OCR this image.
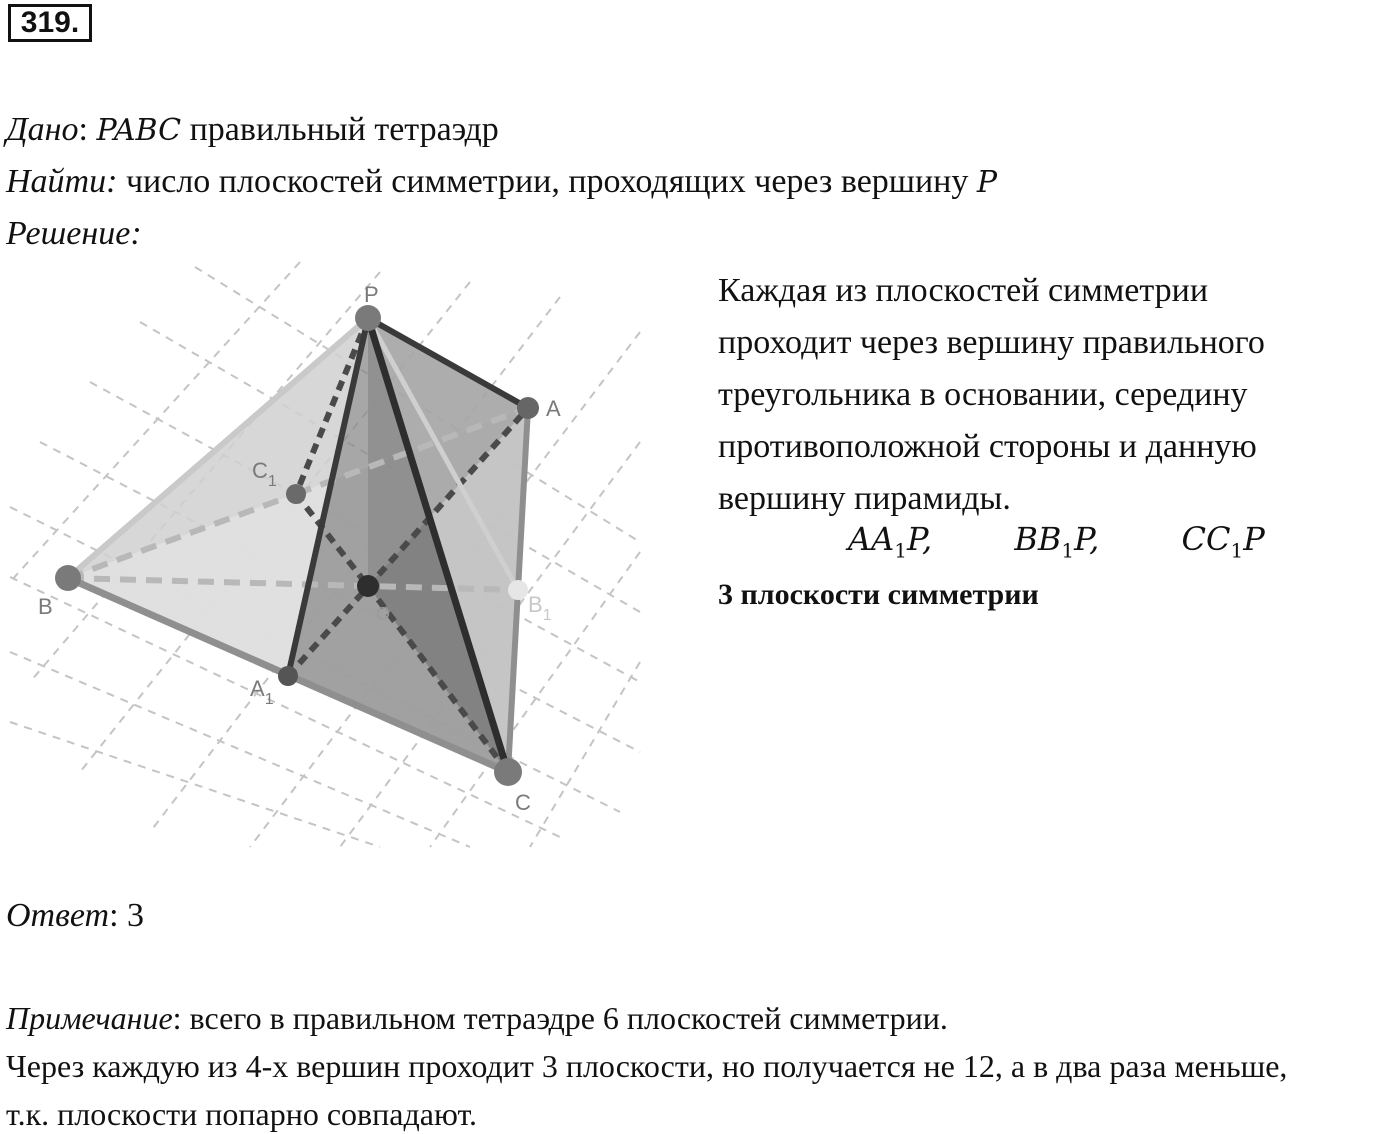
319.
Дано: PABC правильный тетраэдр
Найти: число плоскостей симметрии, проходящих через вершину P
Решение:
P
A
B
C
$C_1$
$B_1$
$A_1$
O

Каждая из плоскостей симметрии

проходит через вершину правильного

треугольника в основании, середину

противоположной стороны и данную

вершину пирамиды.

$AA_1P$,	$BB_1P$,	$CC_1P$
3 плоскости симметрии
Ответ: 3
Примечание: всего в правильном тетраэдре 6 плоскостей симметрии.
Через каждую из 4-х вершин проходит 3 плоскости, но получается не 12, а в два раза меньше,
т.к. плоскости попарно совпадают.
